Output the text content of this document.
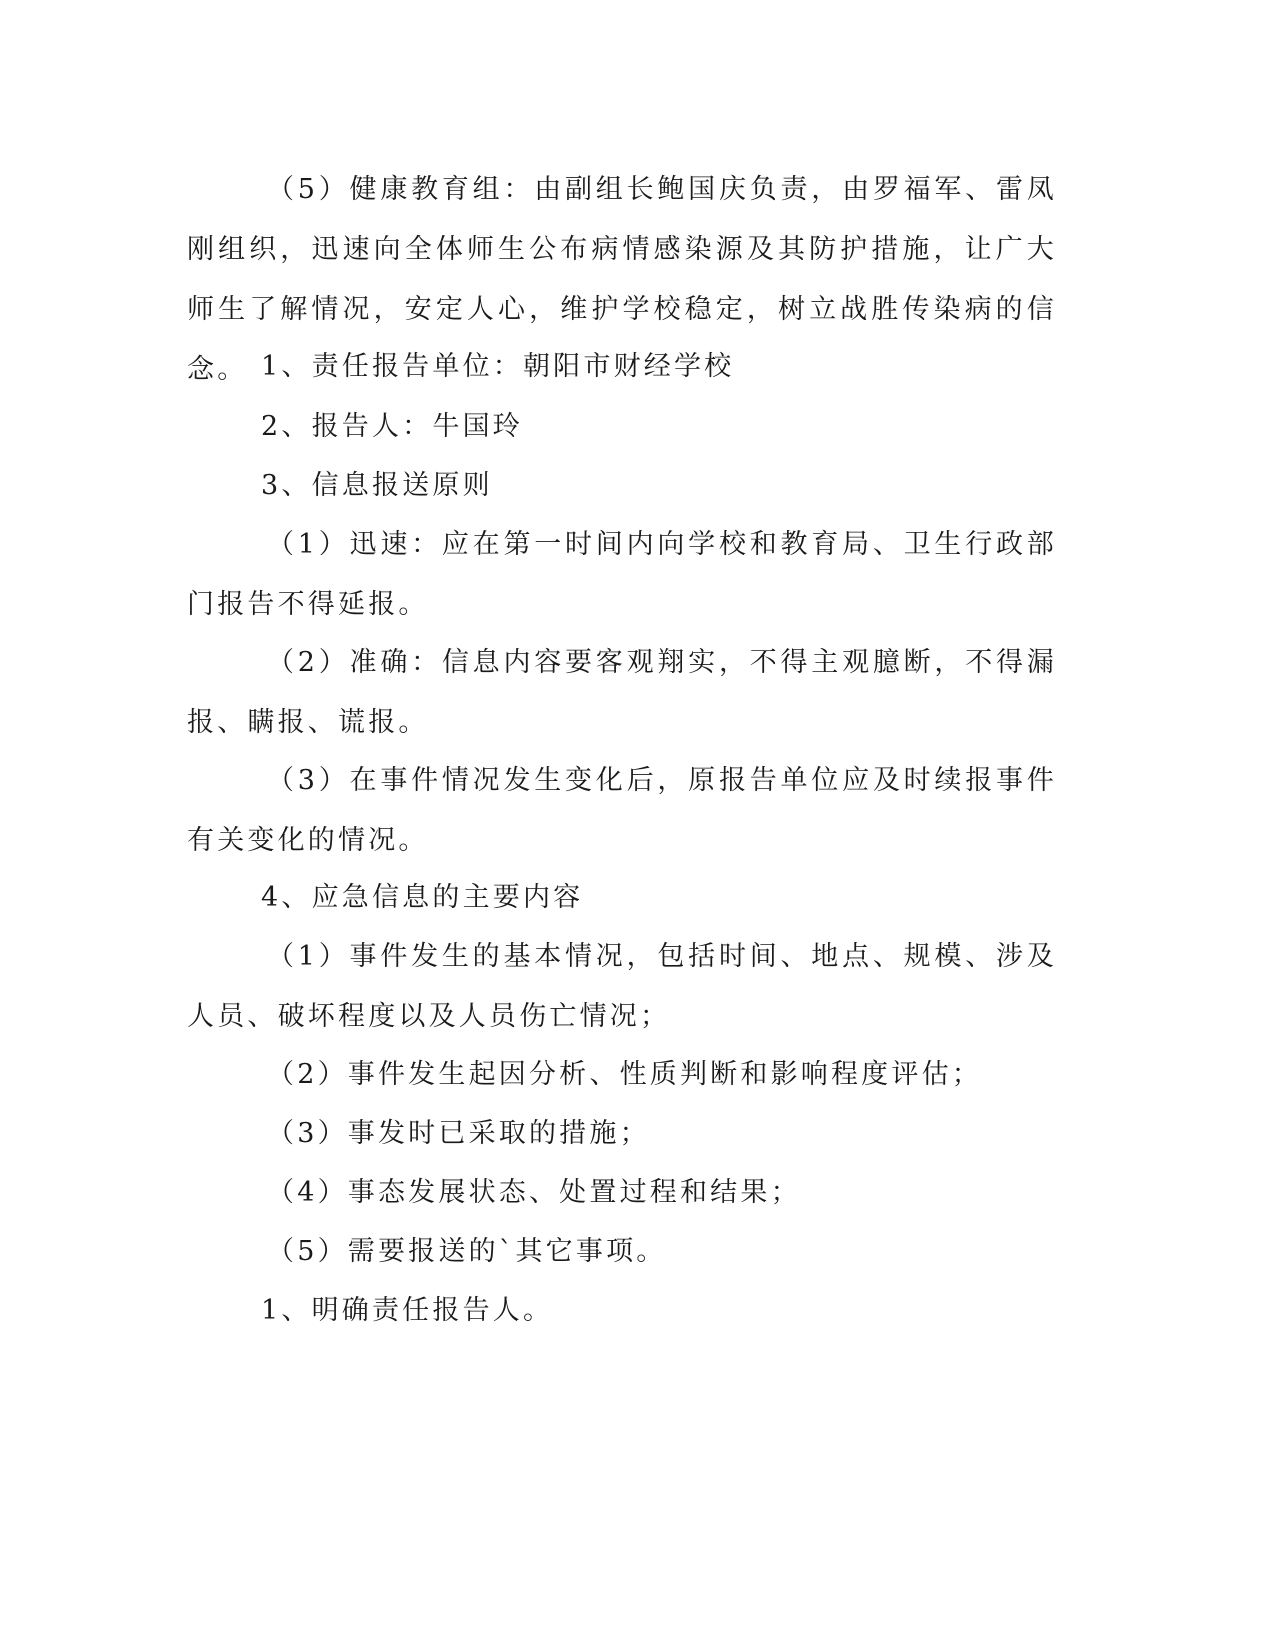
（5）健康教育组：由副组长鲍国庆负责，由罗福军、雷凤刚组织，迅速向全体师生公布病情感染源及其防护措施，让广大师生了解情况，安定人心，维护学校稳定，树立战胜传染病的信念。 1、责任报告单位：朝阳市财经学校

2、报告人：牛国玲

3、信息报送原则

（1）迅速：应在第一时间内向学校和教育局、卫生行政部门报告不得延报。

（2）准确：信息内容要客观翔实，不得主观臆断，不得漏报、瞒报、谎报。

（3）在事件情况发生变化后，原报告单位应及时续报事件有关变化的情况。

4、应急信息的主要内容

（1）事件发生的基本情况，包括时间、地点、规模、涉及人员、破坏程度以及人员伤亡情况；

（2）事件发生起因分析、性质判断和影响程度评估；

（3）事发时已采取的措施；

（4）事态发展状态、处置过程和结果；

（5）需要报送的`其它事项。

1、明确责任报告人。
